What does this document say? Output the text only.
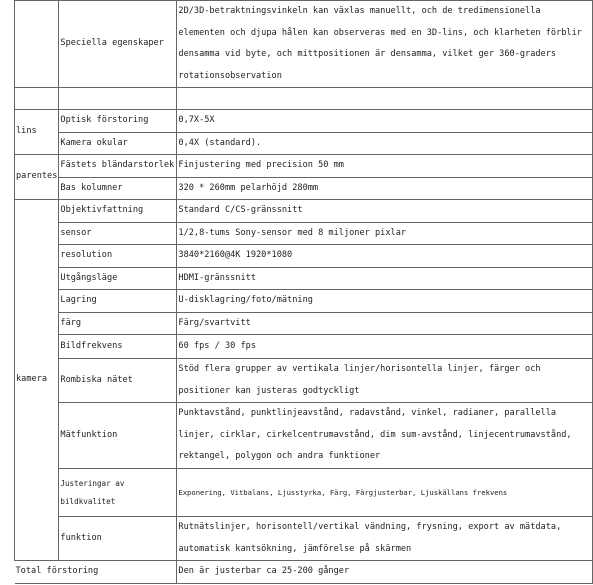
	Speciella egenskaper	2D/3D-betraktningsvinkeln kan växlas manuellt, och de tredimensionella elementen och djupa hålen kan observeras med en 3D-lins, och klarheten förblir densamma vid byte, och mittpositionen är densamma, vilket ger 360-graders rotationsobservation

lins	Optisk förstoring	0,7X-5X
	Kamera okular	0,4X (standard).
parentes	Fästets bländarstorlek	Finjustering med precision 50 mm
	Bas kolumner	320 * 260mm pelarhöjd 280mm
kamera	Objektivfattning	Standard C/CS-gränssnitt
	sensor	1/2,8-tums Sony-sensor med 8 miljoner pixlar
	resolution	3840*2160@4K 1920*1080
	Utgångsläge	HDMI-gränssnitt
	Lagring	U-disklagring/foto/mätning
	färg	Färg/svartvitt
	Bildfrekvens	60 fps / 30 fps
	Rombiska nätet	Stöd flera grupper av vertikala linjer/horisontella linjer, färger och positioner kan justeras godtyckligt
	Mätfunktion	Punktavstånd, punktlinjeavstånd, radavstånd, vinkel, radianer, parallella linjer, cirklar, cirkelcentrumavstånd, dim sum-avstånd, linjecentrumavstånd, rektangel, polygon och andra funktioner
	Justeringar av bildkvalitet	Exponering, Vitbalans, Ljusstyrka, Färg, Färgjusterbar, Ljuskällans frekvens
	funktion	Rutnätslinjer, horisontell/vertikal vändning, frysning, export av mätdata, automatisk kantsökning, jämförelse på skärmen
Total förstoring		Den är justerbar ca 25-200 gånger
